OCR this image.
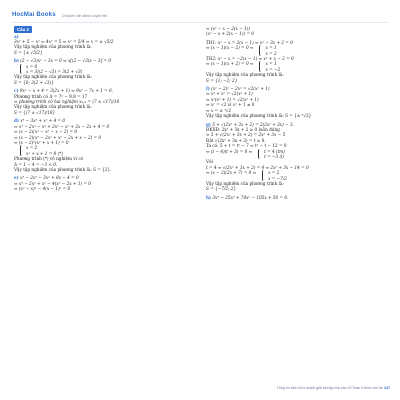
HocMai Books Chuyên đề đánh luyện thi
Câu 2
a)
3x² + 5 − x² ⇔ 4x² = 5 ⇔ x² = 5/4 ⇔ x = ± √5/2
Vậy tập nghiệm của phương trình là:
S = {± √5/2}
b) (2 − √3)x² − 3x = 0 ⇔ x[(2 − √3)x − 3] = 0
x = 0
x = 3/(2 − √3) = 3(2 + √3)
Vậy tập nghiệm của phương trình là:
S = {0; 3(2 + √3)}
c) 9x² − x + 4 = 3(2x + 1) ⇔ 9x² − 7x + 1 = 0.
Phương trình có Δ = 7² − 9.8 = 17
⇒ phương trình có hai nghiệm x₁,₂ = (7 ± √17)/18
Vậy tập nghiệm của phương trình là:
S = {(7 ± √17)/18}
d) x⁴ − 3x³ + x² + 4 = 0
⇔ x⁴ − 2x³ − x³ + 2x² − x² + 2x − 2x + 4 = 0
⇔ (x − 2)(x³ − x² − x − 2) = 0
⇔ (x − 2)(x³ − 2x² + x² − 2x + x − 2) = 0
⇔ (x − 2)²(x² + x + 1) = 0
x = 2
x² + x + 1 = 0 (*)
Phương trình (*) vô nghiệm vì có
Δ = 1 − 4 = −3 < 0.
Vậy tập nghiệm của phương trình là: S = {2}.
e) x⁴ − 2x³ − 3x² + 8x − 4 = 0
⇔ x⁴ − 2x³ + x² − 4(x² − 2x + 1) = 0
⇔ (x² − x)² − 4(x − 1)² = 0
⇔ (x² − x − 2(x − 1))
(x² − x + 2(x − 1)) = 0
TH1: x² − x = 2(x − 1) ⇔ x² − 3x + 2 = 0
⇔ (x − 1)(x − 2) = 0 ⇔	x = 1
x = 2
TH2: x² − x = −2(x − 1) ⇔ x² + x − 2 = 0
⇔ (x − 1)(x + 2) = 0 ⇔	x = 1
x = −2
Vậy tập nghiệm của phương trình là:
S = {1; −2; 2}
f) (x² − 2)² − 2x² = √2(x² + 1)
⇔ x⁴ + x² = √2(x² + 1)
⇔ x²(x² + 1) = √2(x² + 1)
⇔ x² = √2 vì x² + 1 ≠ 0
⇔ x = ± ⁴√2
Vậy tập nghiệm của phương trình là: S = {± ⁴√2}
g) 5 + √(2x² + 3x + 2) = 2(2x² + 3x) − 3.
ĐKXĐ: 2x² + 3x + 2 ≥ 0 luôn đúng
⇔ 5 + √(2x² + 3x + 2) = 2x² + 3x − 5
Đặt √(2x² + 3x + 2) = t ≥ 0.
Ta có: 5 + t = t² − 7 ⇔ t² − t − 12 = 0
⇔ (t − 4)(t + 3) = 0 ⇔	t = 4 (tm)
t = −3 (l)
Với
t = 4 ⇔ √(2x² + 3x + 2) = 4 ⇔ 2x² + 3x − 14 = 0
⇔ (x − 2)(2x + 7) = 0 ⇔	x = 2
x = −7/2
Vậy tập nghiệm của phương trình là:
S = {−7/2; 2}
h) 3x⁴ − 25x³ + 74x² − 105x + 50 = 0.
Tổng ôn kiến thức luyện giải bài tập lớp vào 10 Toán 9 theo chủ đề 247
